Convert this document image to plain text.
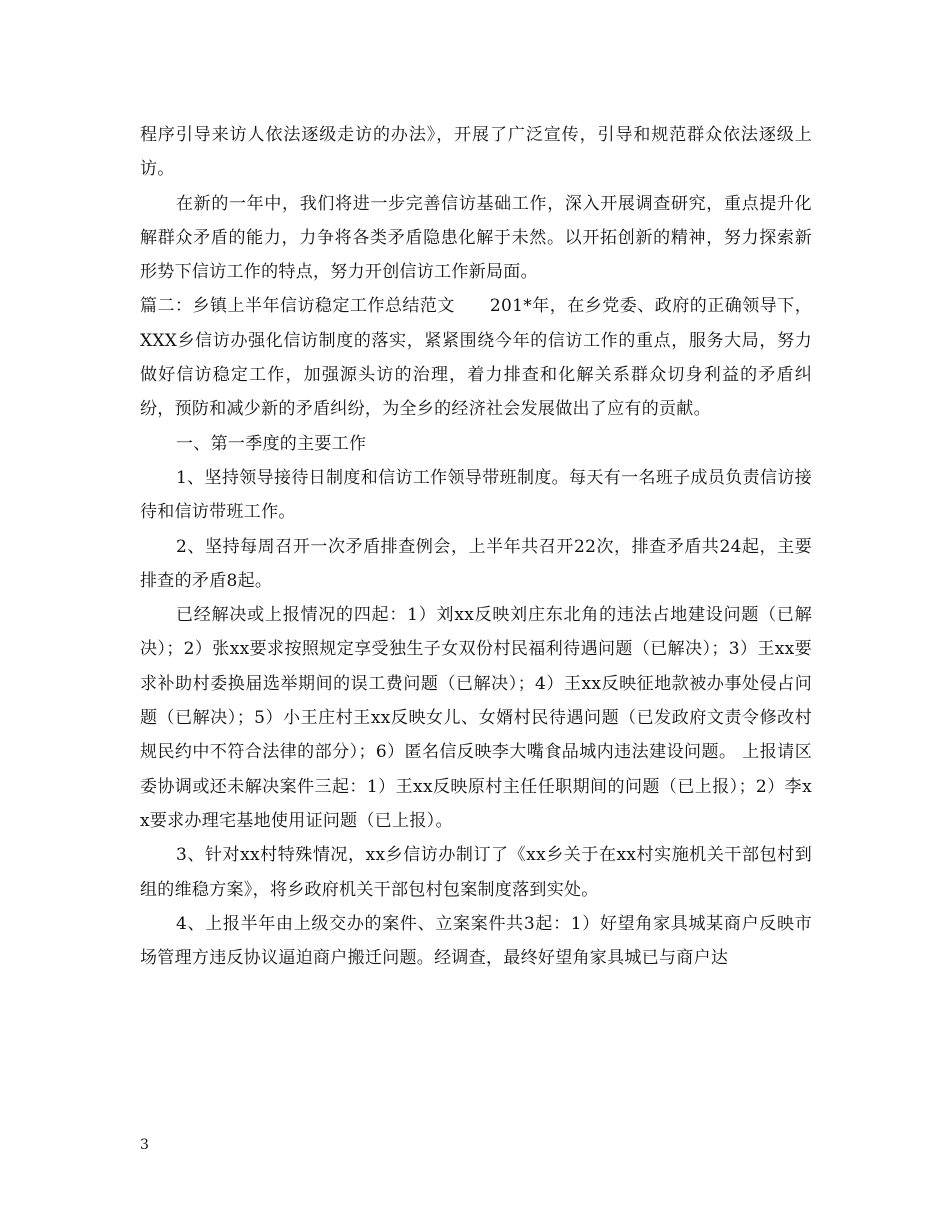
程序引导来访人依法逐级走访的办法》，开展了广泛宣传，引导和规范群众依法逐级上访。

在新的一年中，我们将进一步完善信访基础工作，深入开展调查研究，重点提升化解群众矛盾的能力，力争将各类矛盾隐患化解于未然。以开拓创新的精神，努力探索新形势下信访工作的特点，努力开创信访工作新局面。

篇二：乡镇上半年信访稳定工作总结范文　　201*年，在乡党委、政府的正确领导下，XXX乡信访办强化信访制度的落实，紧紧围绕今年的信访工作的重点，服务大局，努力做好信访稳定工作，加强源头访的治理，着力排查和化解关系群众切身利益的矛盾纠纷，预防和减少新的矛盾纠纷，为全乡的经济社会发展做出了应有的贡献。

一、第一季度的主要工作

1、坚持领导接待日制度和信访工作领导带班制度。每天有一名班子成员负责信访接待和信访带班工作。

2、坚持每周召开一次矛盾排查例会，上半年共召开22次，排查矛盾共24起，主要排查的矛盾8起。

已经解决或上报情况的四起：1）刘xx反映刘庄东北角的违法占地建设问题（已解决）；2）张xx要求按照规定享受独生子女双份村民福利待遇问题（已解决）；3）王xx要求补助村委换届选举期间的误工费问题（已解决）；4）王xx反映征地款被办事处侵占问题（已解决）；5）小王庄村王xx反映女儿、女婿村民待遇问题（已发政府文责令修改村规民约中不符合法律的部分）；6）匿名信反映李大嘴食品城内违法建设问题。 上报请区委协调或还未解决案件三起：1）王xx反映原村主任任职期间的问题（已上报）；2）李xx要求办理宅基地使用证问题（已上报）。

3、针对xx村特殊情况，xx乡信访办制订了《xx乡关于在xx村实施机关干部包村到组的维稳方案》，将乡政府机关干部包村包案制度落到实处。

4、上报半年由上级交办的案件、立案案件共3起：1）好望角家具城某商户反映市场管理方违反协议逼迫商户搬迁问题。经调查，最终好望角家具城已与商户达

3
